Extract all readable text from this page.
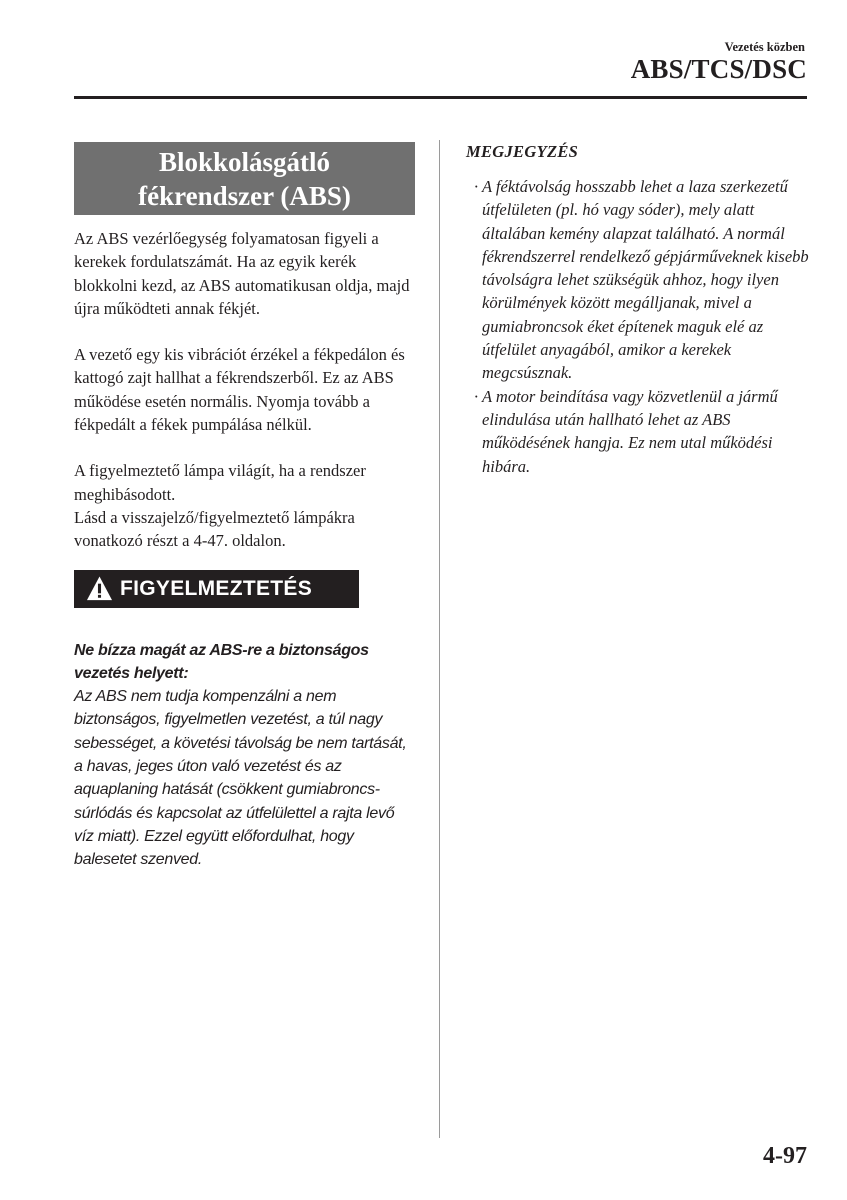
Vezetés közben
ABS/TCS/DSC
Blokkolásgátló
fékrendszer (ABS)

Az ABS vezérlőegység folyamatosan figyeli a kerekek fordulatszámát. Ha az egyik kerék blokkolni kezd, az ABS automatikusan oldja, majd újra működteti annak fékjét.

A vezető egy kis vibrációt érzékel a fékpedálon és kattogó zajt hallhat a fékrendszerből. Ez az ABS működése esetén normális. Nyomja tovább a fékpedált a fékek pumpálása nélkül.

A figyelmeztető lámpa világít, ha a rendszer meghibásodott.

Lásd a visszajelző/figyelmeztető lámpákra vonatkozó részt a 4-47. oldalon.

FIGYELMEZTETÉS
Ne bízza magát az ABS-re a biztonságos vezetés helyett:

Az ABS nem tudja kompenzálni a nem biztonságos, figyelmetlen vezetést, a túl nagy sebességet, a követési távolság be nem tartását, a havas, jeges úton való vezetést és az aquaplaning hatását (csökkent gumiabroncs-súrlódás és kapcsolat az útfelülettel a rajta levő víz miatt). Ezzel együtt előfordulhat, hogy balesetet szenved.

MEGJEGYZÉS
· A féktávolság hosszabb lehet a laza szerkezetű útfelületen (pl. hó vagy sóder), mely alatt általában kemény alapzat található. A normál fékrendszerrel rendelkező gépjárműveknek kisebb távolságra lehet szükségük ahhoz, hogy ilyen körülmények között megálljanak, mivel a gumiabroncsok éket építenek maguk elé az útfelület anyagából, amikor a kerekek megcsúsznak.
· A motor beindítása vagy közvetlenül a jármű elindulása után hallható lehet az ABS működésének hangja. Ez nem utal működési hibára.
4-97
